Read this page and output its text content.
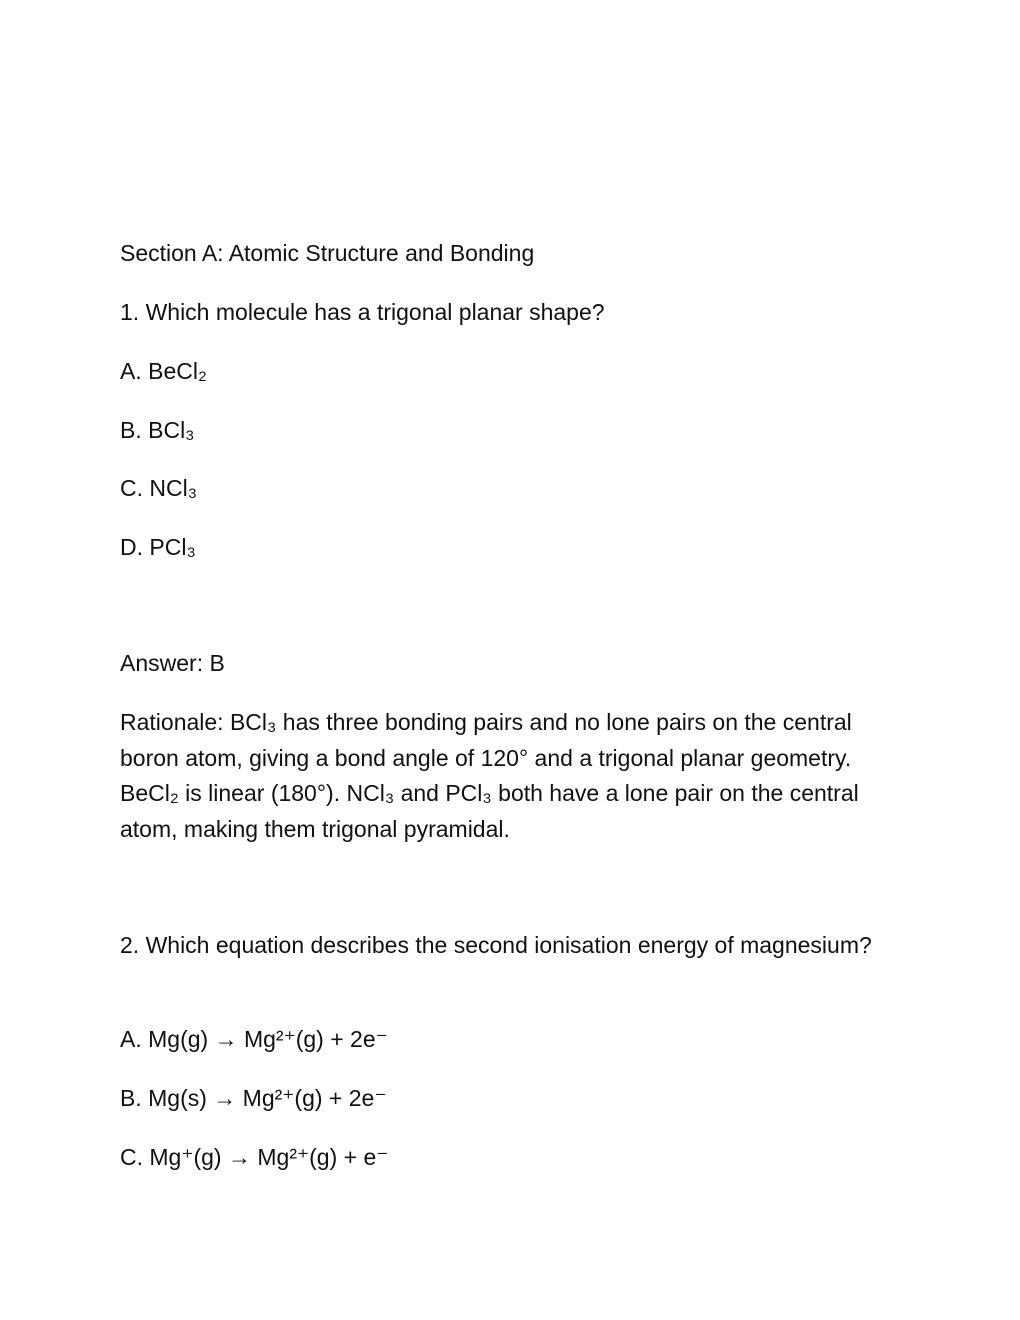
Section A: Atomic Structure and Bonding
1. Which molecule has a trigonal planar shape?
A. BeCl₂
B. BCl₃
C. NCl₃
D. PCl₃
Answer: B
Rationale: BCl₃ has three bonding pairs and no lone pairs on the central boron atom, giving a bond angle of 120° and a trigonal planar geometry. BeCl₂ is linear (180°). NCl₃ and PCl₃ both have a lone pair on the central atom, making them trigonal pyramidal.
2. Which equation describes the second ionisation energy of magnesium?
A. Mg(g) → Mg²⁺(g) + 2e⁻
B. Mg(s) → Mg²⁺(g) + 2e⁻
C. Mg⁺(g) → Mg²⁺(g) + e⁻
